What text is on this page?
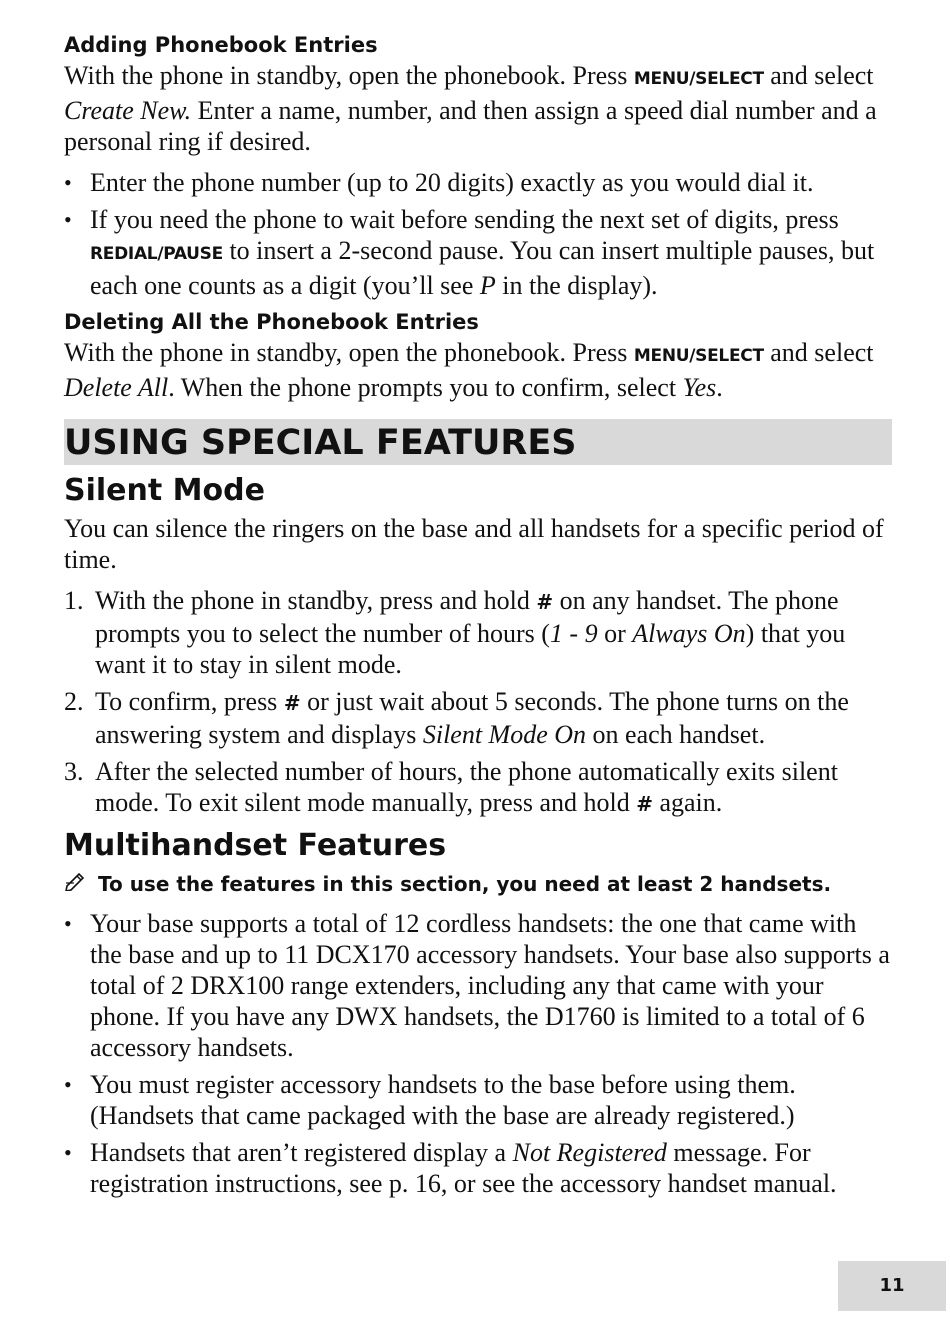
Adding Phonebook Entries

With the phone in standby, open the phonebook. Press MENU/SELECT and select Create New. Enter a name, number, and then assign a speed dial number and a personal ring if desired.

• Enter the phone number (up to 20 digits) exactly as you would dial it.
• If you need the phone to wait before sending the next set of digits, press REDIAL/PAUSE to insert a 2-second pause. You can insert multiple pauses, but each one counts as a digit (you’ll see P in the display).
Deleting All the Phonebook Entries

With the phone in standby, open the phonebook. Press MENU/SELECT and select Delete All. When the phone prompts you to confirm, select Yes.

USING SPECIAL FEATURES
Silent Mode

You can silence the ringers on the base and all handsets for a specific period of time.

1. With the phone in standby, press and hold # on any handset. The phone prompts you to select the number of hours (1 - 9 or Always On) that you want it to stay in silent mode.
2. To confirm, press # or just wait about 5 seconds. The phone turns on the answering system and displays Silent Mode On on each handset.
3. After the selected number of hours, the phone automatically exits silent mode. To exit silent mode manually, press and hold # again.
Multihandset Features
To use the features in this section, you need at least 2 handsets.
• Your base supports a total of 12 cordless handsets: the one that came with the base and up to 11 DCX170 accessory handsets. Your base also supports a total of 2 DRX100 range extenders, including any that came with your phone. If you have any DWX handsets, the D1760 is limited to a total of 6 accessory handsets.
• You must register accessory handsets to the base before using them. (Handsets that came packaged with the base are already registered.)
• Handsets that aren’t registered display a Not Registered message. For registration instructions, see p. 16, or see the accessory handset manual.
11
